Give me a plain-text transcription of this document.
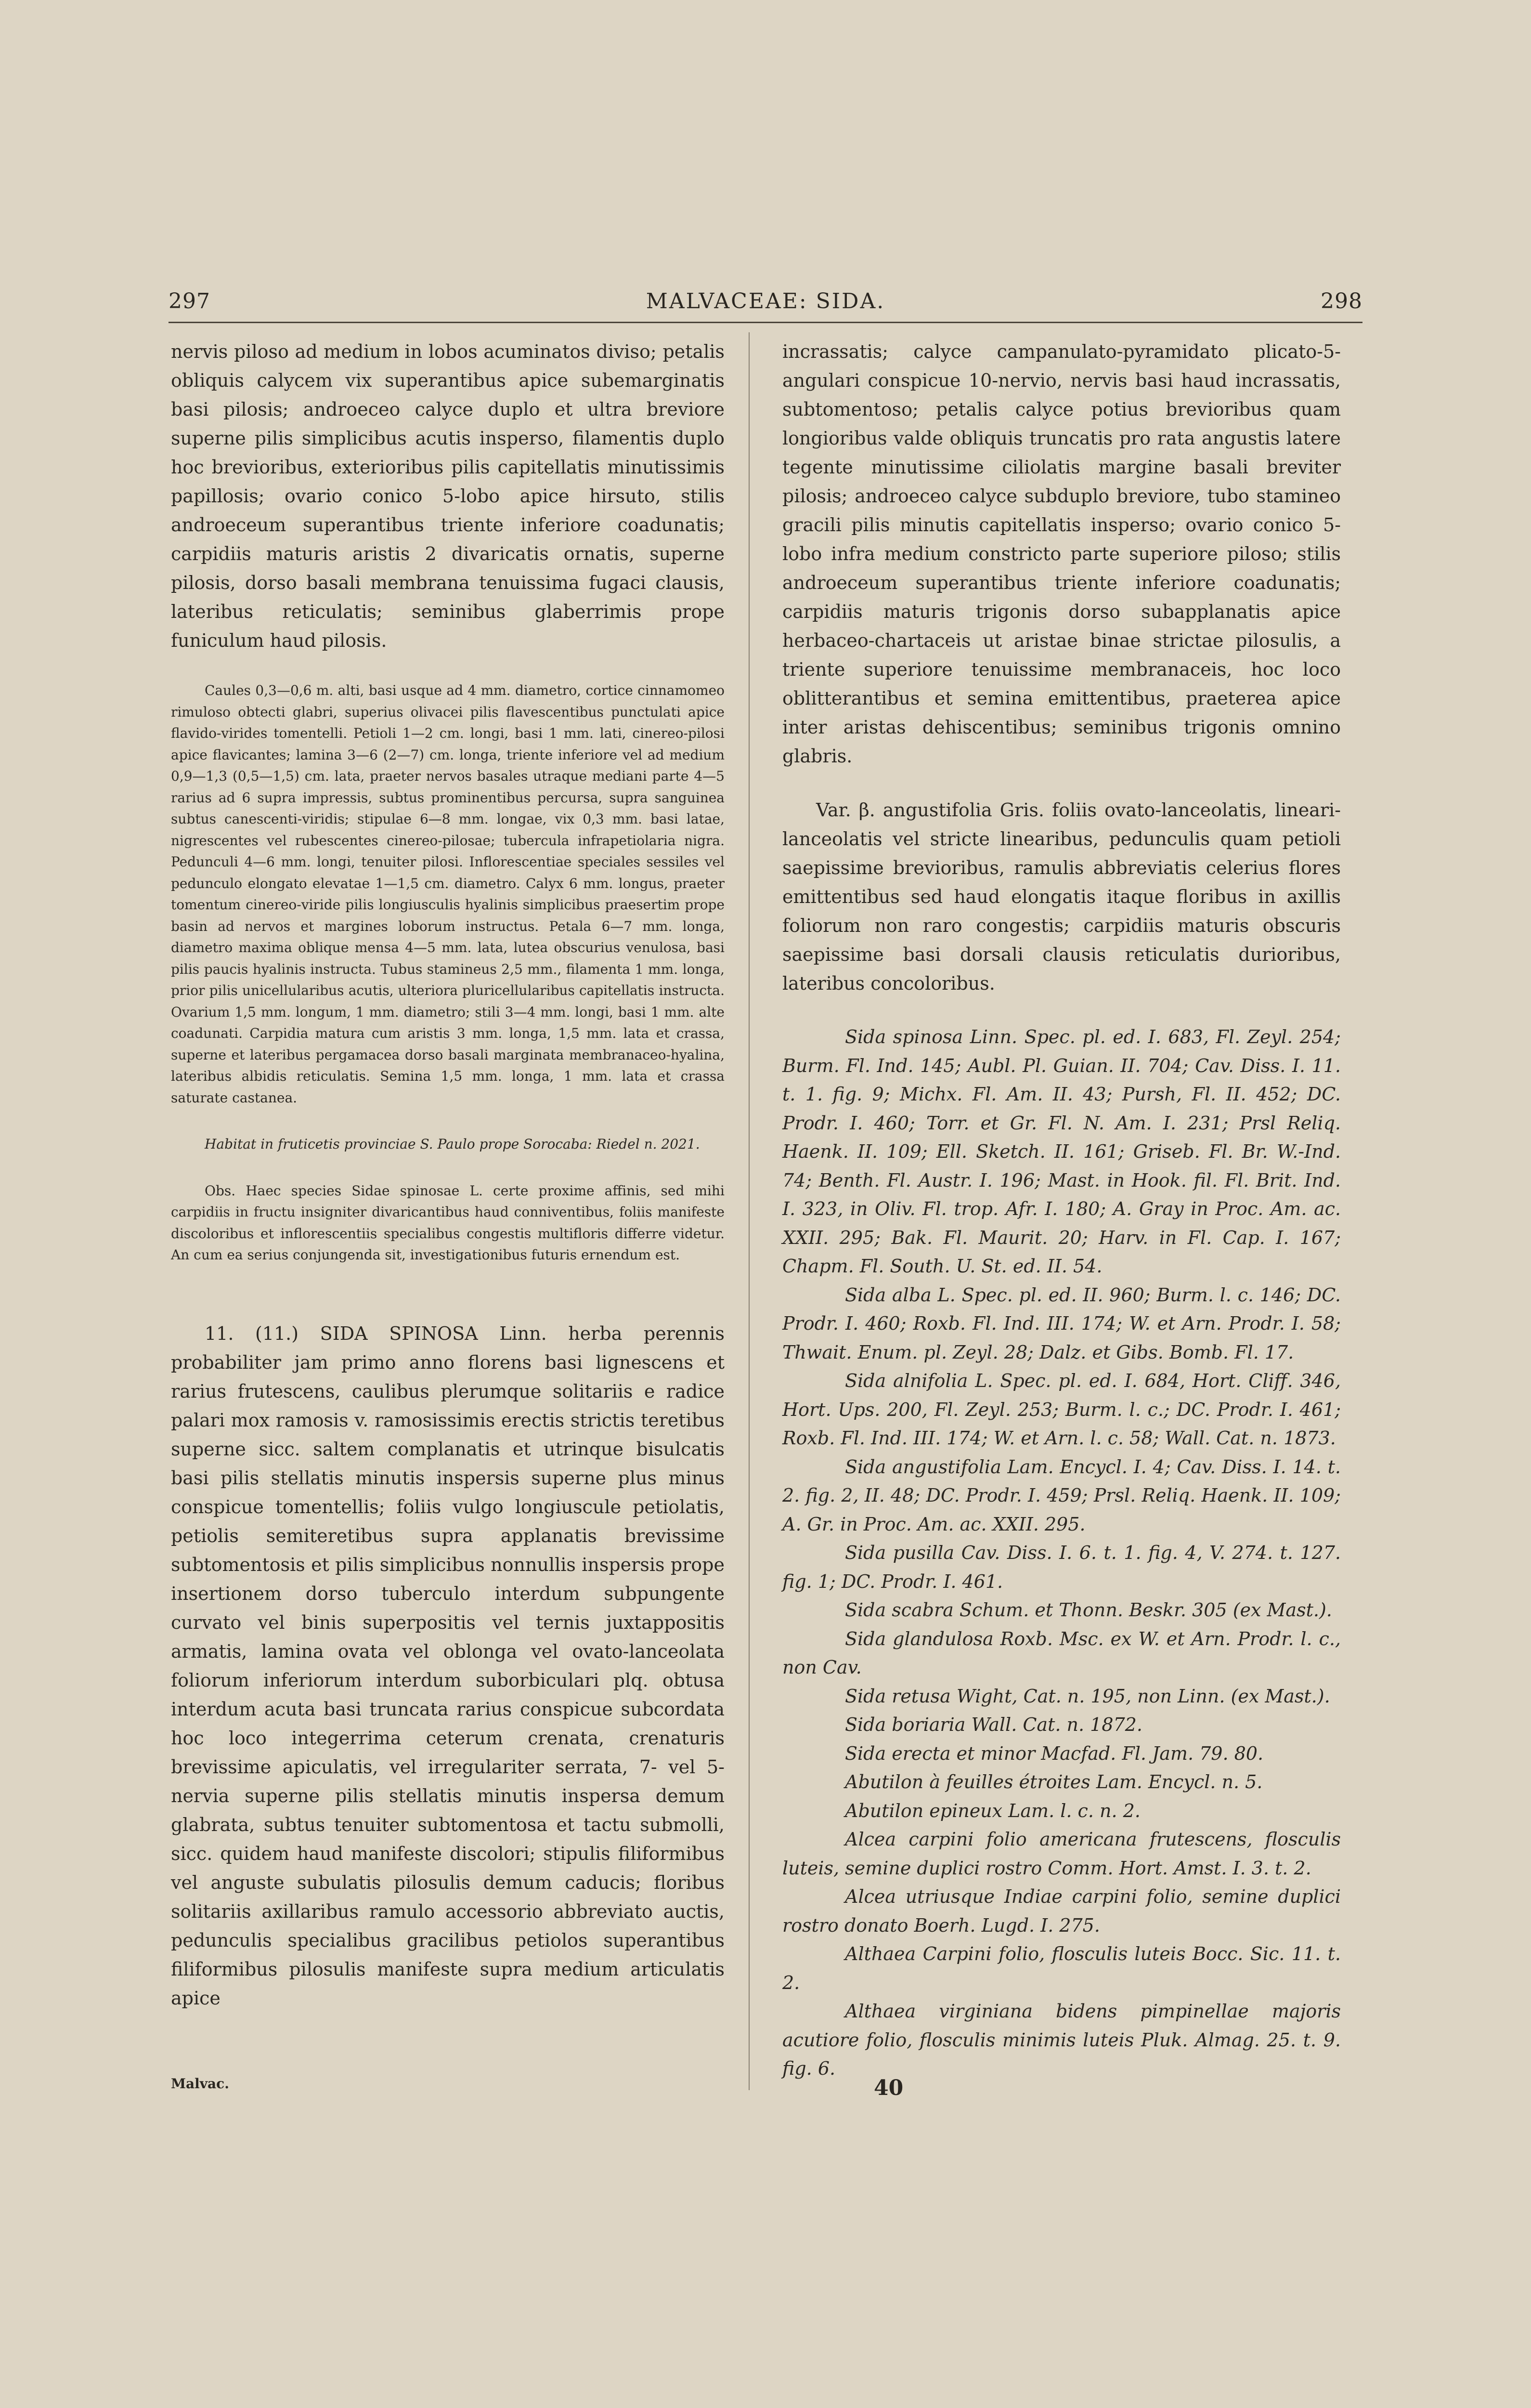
297	MALVACEAE: SIDA.	298

nervis piloso ad medium in lobos acuminatos diviso; petalis obliquis calycem vix superantibus apice subemarginatis basi pilosis; androeceo calyce duplo et ultra breviore superne pilis simplicibus acutis insperso, filamentis duplo hoc brevioribus, exterioribus pilis capitellatis minutissimis papillosis; ovario conico 5-lobo apice hirsuto, stilis androeceum superantibus triente inferiore coadunatis; carpidiis maturis aristis 2 divaricatis ornatis, superne pilosis, dorso basali membrana tenuissima fugaci clausis, lateribus reticulatis; seminibus glaberrimis prope funiculum haud pilosis.

Caules 0,3—0,6 m. alti, basi usque ad 4 mm. diametro, cortice cinnamomeo rimuloso obtecti glabri, superius olivacei pilis flavescentibus punctulati apice flavido-virides tomentelli. Petioli 1—2 cm. longi, basi 1 mm. lati, cinereo-pilosi apice flavicantes; lamina 3—6 (2—7) cm. longa, triente inferiore vel ad medium 0,9—1,3 (0,5—1,5) cm. lata, praeter nervos basales utraque mediani parte 4—5 rarius ad 6 supra impressis, subtus prominentibus percursa, supra sanguinea subtus canescenti-viridis; stipulae 6—8 mm. longae, vix 0,3 mm. basi latae, nigrescentes vel rubescentes cinereo-pilosae; tubercula infrapetiolaria nigra. Pedunculi 4—6 mm. longi, tenuiter pilosi. Inflorescentiae speciales sessiles vel pedunculo elongato elevatae 1—1,5 cm. diametro. Calyx 6 mm. longus, praeter tomentum cinereo-viride pilis longiusculis hyalinis simplicibus praesertim prope basin ad nervos et margines loborum instructus. Petala 6—7 mm. longa, diametro maxima oblique mensa 4—5 mm. lata, lutea obscurius venulosa, basi pilis paucis hyalinis instructa. Tubus stamineus 2,5 mm., filamenta 1 mm. longa, prior pilis unicellularibus acutis, ulteriora pluricellularibus capitellatis instructa. Ovarium 1,5 mm. longum, 1 mm. diametro; stili 3—4 mm. longi, basi 1 mm. alte coadunati. Carpidia matura cum aristis 3 mm. longa, 1,5 mm. lata et crassa, superne et lateribus pergamacea dorso basali marginata membranaceo-hyalina, lateribus albidis reticulatis. Semina 1,5 mm. longa, 1 mm. lata et crassa saturate castanea.

Habitat in fruticetis provinciae S. Paulo prope Sorocaba: Riedel n. 2021.

Obs. Haec species Sidae spinosae L. certe proxime affinis, sed mihi carpidiis in fructu insigniter divaricantibus haud conniventibus, foliis manifeste discoloribus et inflorescentiis specialibus congestis multifloris differre videtur. An cum ea serius conjungenda sit, investigationibus futuris ernendum est.

11. (11.) SIDA SPINOSA Linn. herba perennis probabiliter jam primo anno florens basi lignescens et rarius frutescens, caulibus plerumque solitariis e radice palari mox ramosis v. ramosissimis erectis strictis teretibus superne sicc. saltem complanatis et utrinque bisulcatis basi pilis stellatis minutis inspersis superne plus minus conspicue tomentellis; foliis vulgo longiuscule petiolatis, petiolis semiteretibus supra applanatis brevissime subtomentosis et pilis simplicibus nonnullis inspersis prope insertionem dorso tuberculo interdum subpungente curvato vel binis superpositis vel ternis juxtappositis armatis, lamina ovata vel oblonga vel ovato-lanceolata foliorum inferiorum interdum suborbiculari plq. obtusa interdum acuta basi truncata rarius conspicue subcordata hoc loco integerrima ceterum crenata, crenaturis brevissime apiculatis, vel irregulariter serrata, 7- vel 5-nervia superne pilis stellatis minutis inspersa demum glabrata, subtus tenuiter subtomentosa et tactu submolli, sicc. quidem haud manifeste discolori; stipulis filiformibus vel anguste subulatis pilosulis demum caducis; floribus solitariis axillaribus ramulo accessorio abbreviato auctis, pedunculis specialibus gracilibus petiolos superantibus filiformibus pilosulis manifeste supra medium articulatis apice

incrassatis; calyce campanulato-pyramidato plicato-5-angulari conspicue 10-nervio, nervis basi haud incrassatis, subtomentoso; petalis calyce potius brevioribus quam longioribus valde obliquis truncatis pro rata angustis latere tegente minutissime ciliolatis margine basali breviter pilosis; androeceo calyce subduplo breviore, tubo stamineo gracili pilis minutis capitellatis insperso; ovario conico 5-lobo infra medium constricto parte superiore piloso; stilis androeceum superantibus triente inferiore coadunatis; carpidiis maturis trigonis dorso subapplanatis apice herbaceo-chartaceis ut aristae binae strictae pilosulis, a triente superiore tenuissime membranaceis, hoc loco oblitterantibus et semina emittentibus, praeterea apice inter aristas dehiscentibus; seminibus trigonis omnino glabris.

Var. β. angustifolia Gris. foliis ovato-lanceolatis, lineari-lanceolatis vel stricte linearibus, pedunculis quam petioli saepissime brevioribus, ramulis abbreviatis celerius flores emittentibus sed haud elongatis itaque floribus in axillis foliorum non raro congestis; carpidiis maturis obscuris saepissime basi dorsali clausis reticulatis durioribus, lateribus concoloribus.

Sida spinosa Linn. Spec. pl. ed. I. 683, Fl. Zeyl. 254; Burm. Fl. Ind. 145; Aubl. Pl. Guian. II. 704; Cav. Diss. I. 11. t. 1. fig. 9; Michx. Fl. Am. II. 43; Pursh, Fl. II. 452; DC. Prodr. I. 460; Torr. et Gr. Fl. N. Am. I. 231; Prsl Reliq. Haenk. II. 109; Ell. Sketch. II. 161; Griseb. Fl. Br. W.-Ind. 74; Benth. Fl. Austr. I. 196; Mast. in Hook. fil. Fl. Brit. Ind. I. 323, in Oliv. Fl. trop. Afr. I. 180; A. Gray in Proc. Am. ac. XXII. 295; Bak. Fl. Maurit. 20; Harv. in Fl. Cap. I. 167; Chapm. Fl. South. U. St. ed. II. 54.

Sida alba L. Spec. pl. ed. II. 960; Burm. l. c. 146; DC. Prodr. I. 460; Roxb. Fl. Ind. III. 174; W. et Arn. Prodr. I. 58; Thwait. Enum. pl. Zeyl. 28; Dalz. et Gibs. Bomb. Fl. 17.

Sida alnifolia L. Spec. pl. ed. I. 684, Hort. Cliff. 346, Hort. Ups. 200, Fl. Zeyl. 253; Burm. l. c.; DC. Prodr. I. 461; Roxb. Fl. Ind. III. 174; W. et Arn. l. c. 58; Wall. Cat. n. 1873.

Sida angustifolia Lam. Encycl. I. 4; Cav. Diss. I. 14. t. 2. fig. 2, II. 48; DC. Prodr. I. 459; Prsl. Reliq. Haenk. II. 109; A. Gr. in Proc. Am. ac. XXII. 295.

Sida pusilla Cav. Diss. I. 6. t. 1. fig. 4, V. 274. t. 127. fig. 1; DC. Prodr. I. 461.

Sida scabra Schum. et Thonn. Beskr. 305 (ex Mast.).

Sida glandulosa Roxb. Msc. ex W. et Arn. Prodr. l. c., non Cav.

Sida retusa Wight, Cat. n. 195, non Linn. (ex Mast.).

Sida boriaria Wall. Cat. n. 1872.

Sida erecta et minor Macfad. Fl. Jam. 79. 80.

Abutilon à feuilles étroites Lam. Encycl. n. 5.

Abutilon epineux Lam. l. c. n. 2.

Alcea carpini folio americana frutescens, flosculis luteis, semine duplici rostro Comm. Hort. Amst. I. 3. t. 2.

Alcea utriusque Indiae carpini folio, semine duplici rostro donato Boerh. Lugd. I. 275.

Althaea Carpini folio, flosculis luteis Bocc. Sic. 11. t. 2.

Althaea virginiana bidens pimpinellae majoris acutiore folio, flosculis minimis luteis Pluk. Almag. 25. t. 9. fig. 6.

Malvac.	40
